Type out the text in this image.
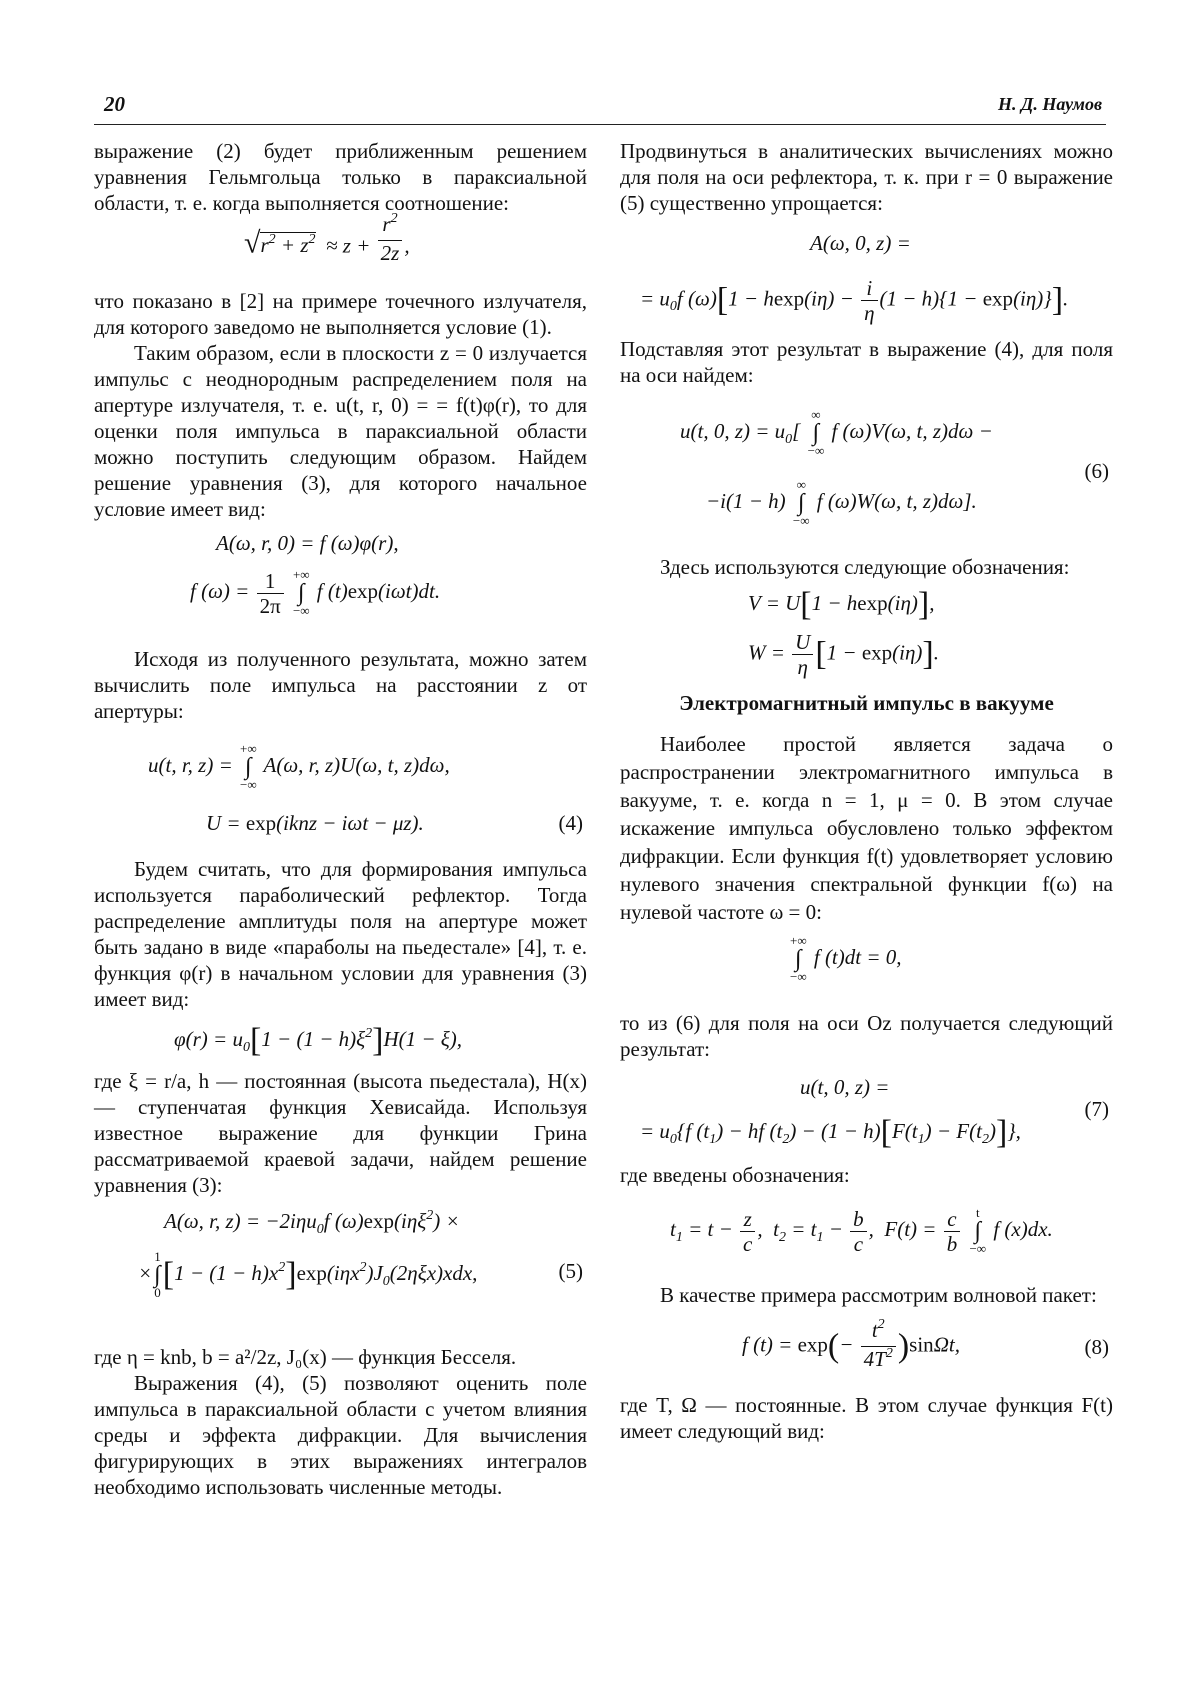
20	Н. Д. Наумов

выражение (2) будет приближенным решением уравнения Гельмгольца только в параксиальной области, т. е. когда выполняется соотношение:

$√r^2 + z^2 \approx z + \frac{r^2}{2z}$ ,

что показано в [2] на примере точечного излучателя, для которого заведомо не выполняется условие (1).

Таким образом, если в плоскости z = 0 излучается импульс с неоднородным распределением поля на апертуре излучателя, т. е. u(t, r, 0) = = f(t)φ(r), то для оценки поля импульса в параксиальной области можно поступить следующим образом. Найдем решение уравнения (3), для которого начальное условие имеет вид:

A(ω, r, 0) = f (ω)φ(r),
f $(\omega) = \frac{1}{2\pi}$
+∞
∫
−∞
f (t)exp(iωt)dt.

Исходя из полученного результата, можно затем вычислить поле импульса на расстоянии z от апертуры:

u(t, r, z) =
+∞
∫
−∞
A(ω, r, z)U(ω, t, z)dω,
U = exp(iknz − iωt − μz).	(4)

Будем считать, что для формирования импульса используется параболический рефлектор. Тогда распределение амплитуды поля на апертуре может быть задано в виде «параболы на пьедестале» [4], т. е. функция φ(r) в начальном условии для уравнения (3) имеет вид:

$\varphi(r) = u_0[1 - (1 - h)\xi^2]H(1 - \xi)$,

где ξ = r/a, h — постоянная (высота пьедестала), H(x) — ступенчатая функция Хевисайда. Используя известное выражение для функции Грина рассматриваемой краевой задачи, найдем решение уравнения (3):

A(ω, r, z) = −2iηu$_0$f (ω)exp(iηξ$^2$) ×
×
1
∫
0 $[1 - (1 - h)x^2]\exp(i\eta x^2)J_0(2\eta\xi x)xdx$,	(5)

где η = knb, b = a²/2z, J₀(x) — функция Бесселя.

Выражения (4), (5) позволяют оценить поле импульса в параксиальной области с учетом влияния среды и эффекта дифракции. Для вычисления фигурирующих в этих выражениях интегралов необходимо использовать численные методы.

Продвинуться в аналитических вычислениях можно для поля на оси рефлектора, т. к. при r = 0 выражение (5) существенно упрощается:

A(ω, 0, z) =
= $u_0f$ $(\omega)[1 - hexp(i\eta) - \frac{i}{\eta} (1 - h)\{1 - \exp(i\eta)\}]$.

Подставляя этот результат в выражение (4), для поля на оси найдем:

u(t, 0, $z) = u_0$[
∞
∫
−∞
f (ω)V(ω, t, z)dω −
−i(1 − h)
∞
∫
−∞
f (ω)W(ω, t, z)dω].
(6)

Здесь используются следующие обозначения:

V = U[1 − hexp(iη)],
$W = \frac{U}{\eta} [1 - \exp(i\eta)]$.

Электромагнитный импульс в вакууме

Наиболее простой является задача о распространении электромагнитного импульса в вакууме, т. е. когда n = 1, μ = 0. В этом случае искажение импульса обусловлено только эффектом дифракции. Если функция f(t) удовлетворяет условию нулевого значения спектральной функции f(ω) на нулевой частоте ω = 0:

+∞
∫
−∞
f (t)dt = 0,

то из (6) для поля на оси Oz получается следующий результат:

u(t, 0, z) =
= $u_0\{f$ $(t_1)$ − hf $(t_2) - (1 - h)[F(t_1) - F(t_2)]$},
(7)

где введены обозначения:

$t_1 = t - \frac{z}{c}$ ,  $t_2 = t_1 - \frac{b}{c}$ ,  $F(t) = \frac{c}{b}$
	t
∫
−∞
f (x)dx.

В качестве примера рассмотрим волновой пакет:

f $(t) = \exp(- \frac{t^2}{4T^2} )\sin\Omega t$,	(8)

где T, Ω — постоянные. В этом случае функция F(t) имеет следующий вид:
